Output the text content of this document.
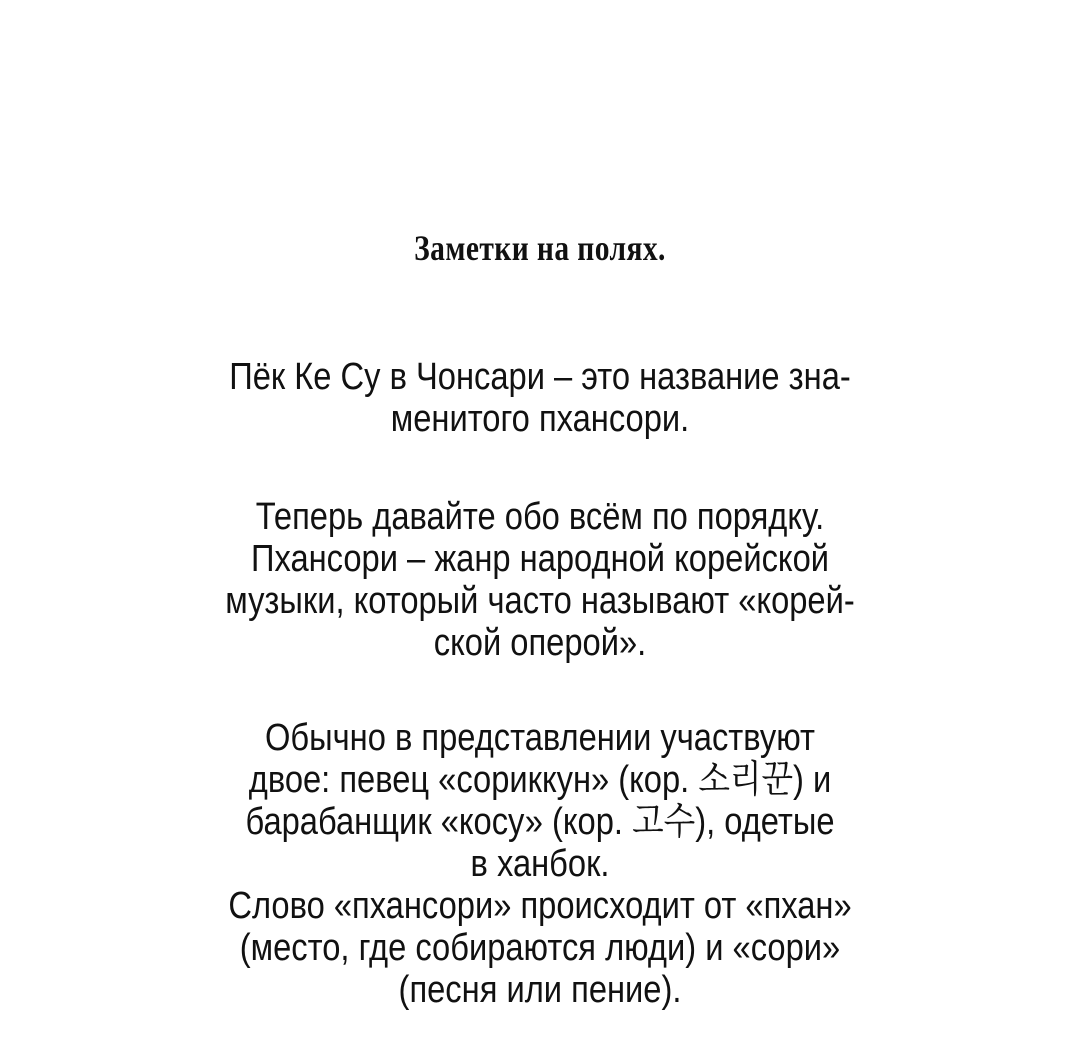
Заметки на полях.
Пёк Ке Су в Чонсари – это название зна-
менитого пхансори.
Теперь давайте обо всём по порядку.
Пхансори – жанр народной корейской
музыки, который часто называют «корей-
ской оперой».
Обычно в представлении участвуют
двое: певец «сориккун» (кор. 소리꾼) и
барабанщик «косу» (кор. 고수), одетые
в ханбок.
Слово «пхансори» происходит от «пхан»
(место, где собираются люди) и «сори»
(песня или пение).
